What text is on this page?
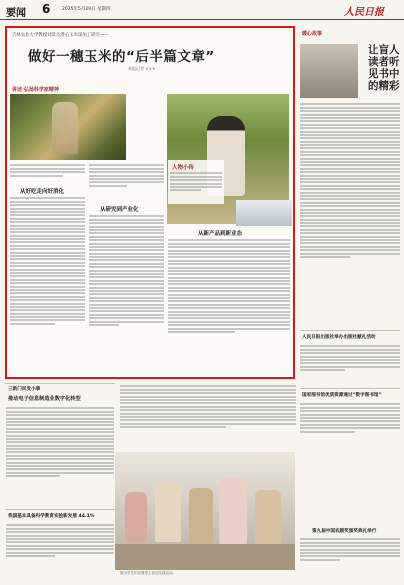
要闻 6	2025年5月29日 星期四	人民日报
吉林农业大学教授刘景圣潜心玉米深加工研究——
做好一穗玉米的“后半篇文章”
本报记者 ×××
讲述·弘扬科学家精神
从好吃走向好消化
从研究到产业化
人物小传
从新产品到新业态
暖心故事
让盲人读者听见书中的精彩
人民日报出版社举办出版社献礼活动
国家图书馆优质资源通过“数字图书馆”
第九届中国戏剧奖颁奖典礼举行
三新门问发小事
推动电子信息制造业数字化转型
我国基本具备科学教育实验新发展 44.1%
图为学生们在课堂上参加实践活动。
